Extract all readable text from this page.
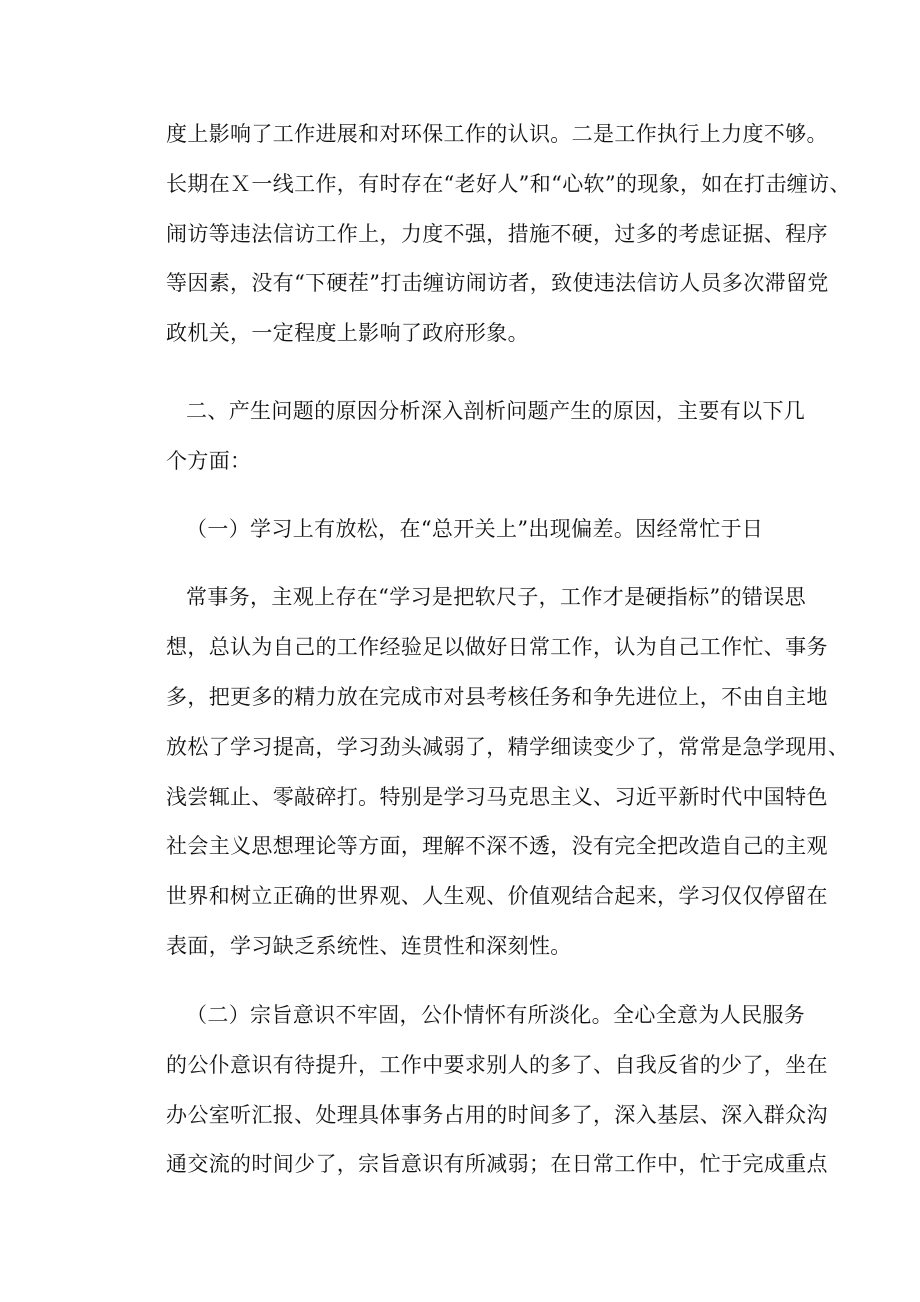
度上影响了工作进展和对环保工作的认识。二是工作执行上力度不够。
长期在Ｘ一线工作，有时存在“老好人”和“心软”的现象，如在打击缠访、
闹访等违法信访工作上，力度不强，措施不硬，过多的考虑证据、程序
等因素，没有“下硬茬”打击缠访闹访者，致使违法信访人员多次滞留党
政机关，一定程度上影响了政府形象。
二、产生问题的原因分析深入剖析问题产生的原因，主要有以下几
个方面：
（一）学习上有放松，在“总开关上”出现偏差。因经常忙于日
常事务，主观上存在“学习是把软尺子，工作才是硬指标”的错误思
想，总认为自己的工作经验足以做好日常工作，认为自己工作忙、事务
多，把更多的精力放在完成市对县考核任务和争先进位上，不由自主地
放松了学习提高，学习劲头减弱了，精学细读变少了，常常是急学现用、
浅尝辄止、零敲碎打。特别是学习马克思主义、习近平新时代中国特色
社会主义思想理论等方面，理解不深不透，没有完全把改造自己的主观
世界和树立正确的世界观、人生观、价值观结合起来，学习仅仅停留在
表面，学习缺乏系统性、连贯性和深刻性。
（二）宗旨意识不牢固，公仆情怀有所淡化。全心全意为人民服务
的公仆意识有待提升，工作中要求别人的多了、自我反省的少了，坐在
办公室听汇报、处理具体事务占用的时间多了，深入基层、深入群众沟
通交流的时间少了，宗旨意识有所减弱；在日常工作中，忙于完成重点
